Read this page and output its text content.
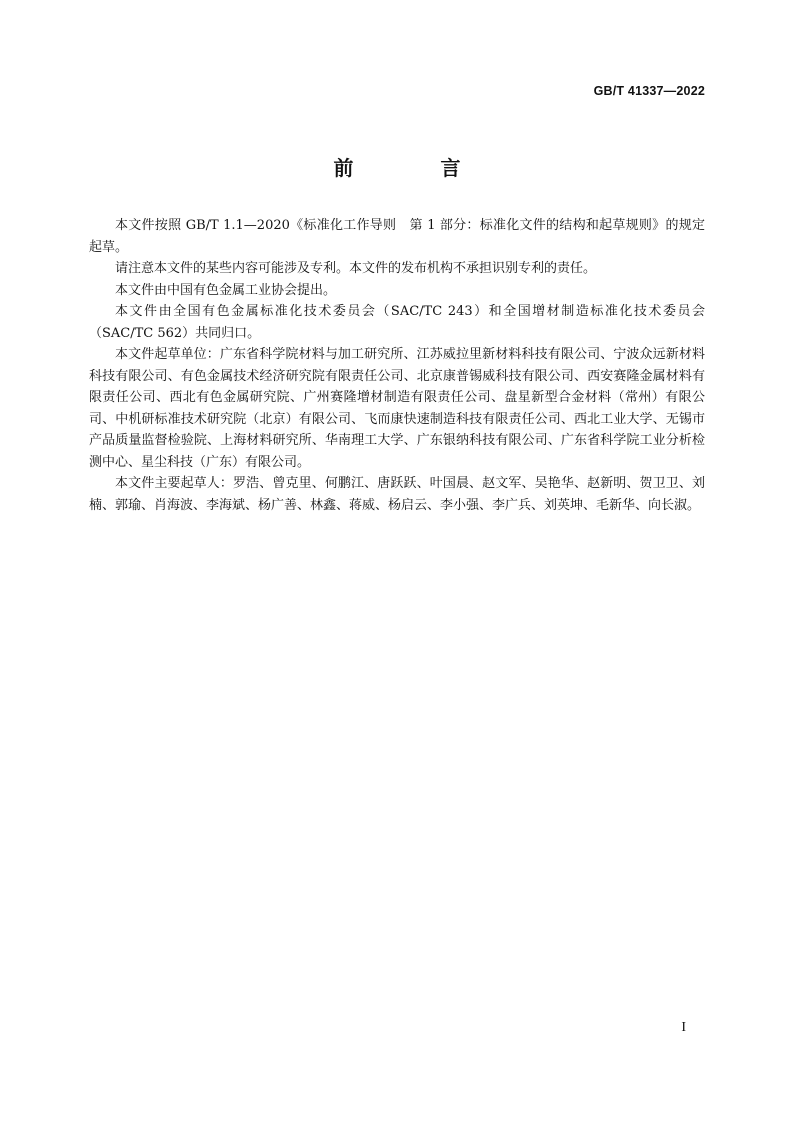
GB/T 41337—2022
前 言

本文件按照 GB/T 1.1—2020《标准化工作导则　第 1 部分：标准化文件的结构和起草规则》的规定起草。

请注意本文件的某些内容可能涉及专利。本文件的发布机构不承担识别专利的责任。

本文件由中国有色金属工业协会提出。

本文件由全国有色金属标准化技术委员会（SAC/TC 243）和全国增材制造标准化技术委员会（SAC/TC 562）共同归口。

本文件起草单位：广东省科学院材料与加工研究所、江苏威拉里新材料科技有限公司、宁波众远新材料科技有限公司、有色金属技术经济研究院有限责任公司、北京康普锡威科技有限公司、西安赛隆金属材料有限责任公司、西北有色金属研究院、广州赛隆增材制造有限责任公司、盘星新型合金材料（常州）有限公司、中机研标准技术研究院（北京）有限公司、飞而康快速制造科技有限责任公司、西北工业大学、无锡市产品质量监督检验院、上海材料研究所、华南理工大学、广东银纳科技有限公司、广东省科学院工业分析检测中心、星尘科技（广东）有限公司。

本文件主要起草人：罗浩、曾克里、何鹏江、唐跃跃、叶国晨、赵文军、吴艳华、赵新明、贺卫卫、刘楠、郭瑜、肖海波、李海斌、杨广善、林鑫、蒋威、杨启云、李小强、李广兵、刘英坤、毛新华、向长淑。

I
